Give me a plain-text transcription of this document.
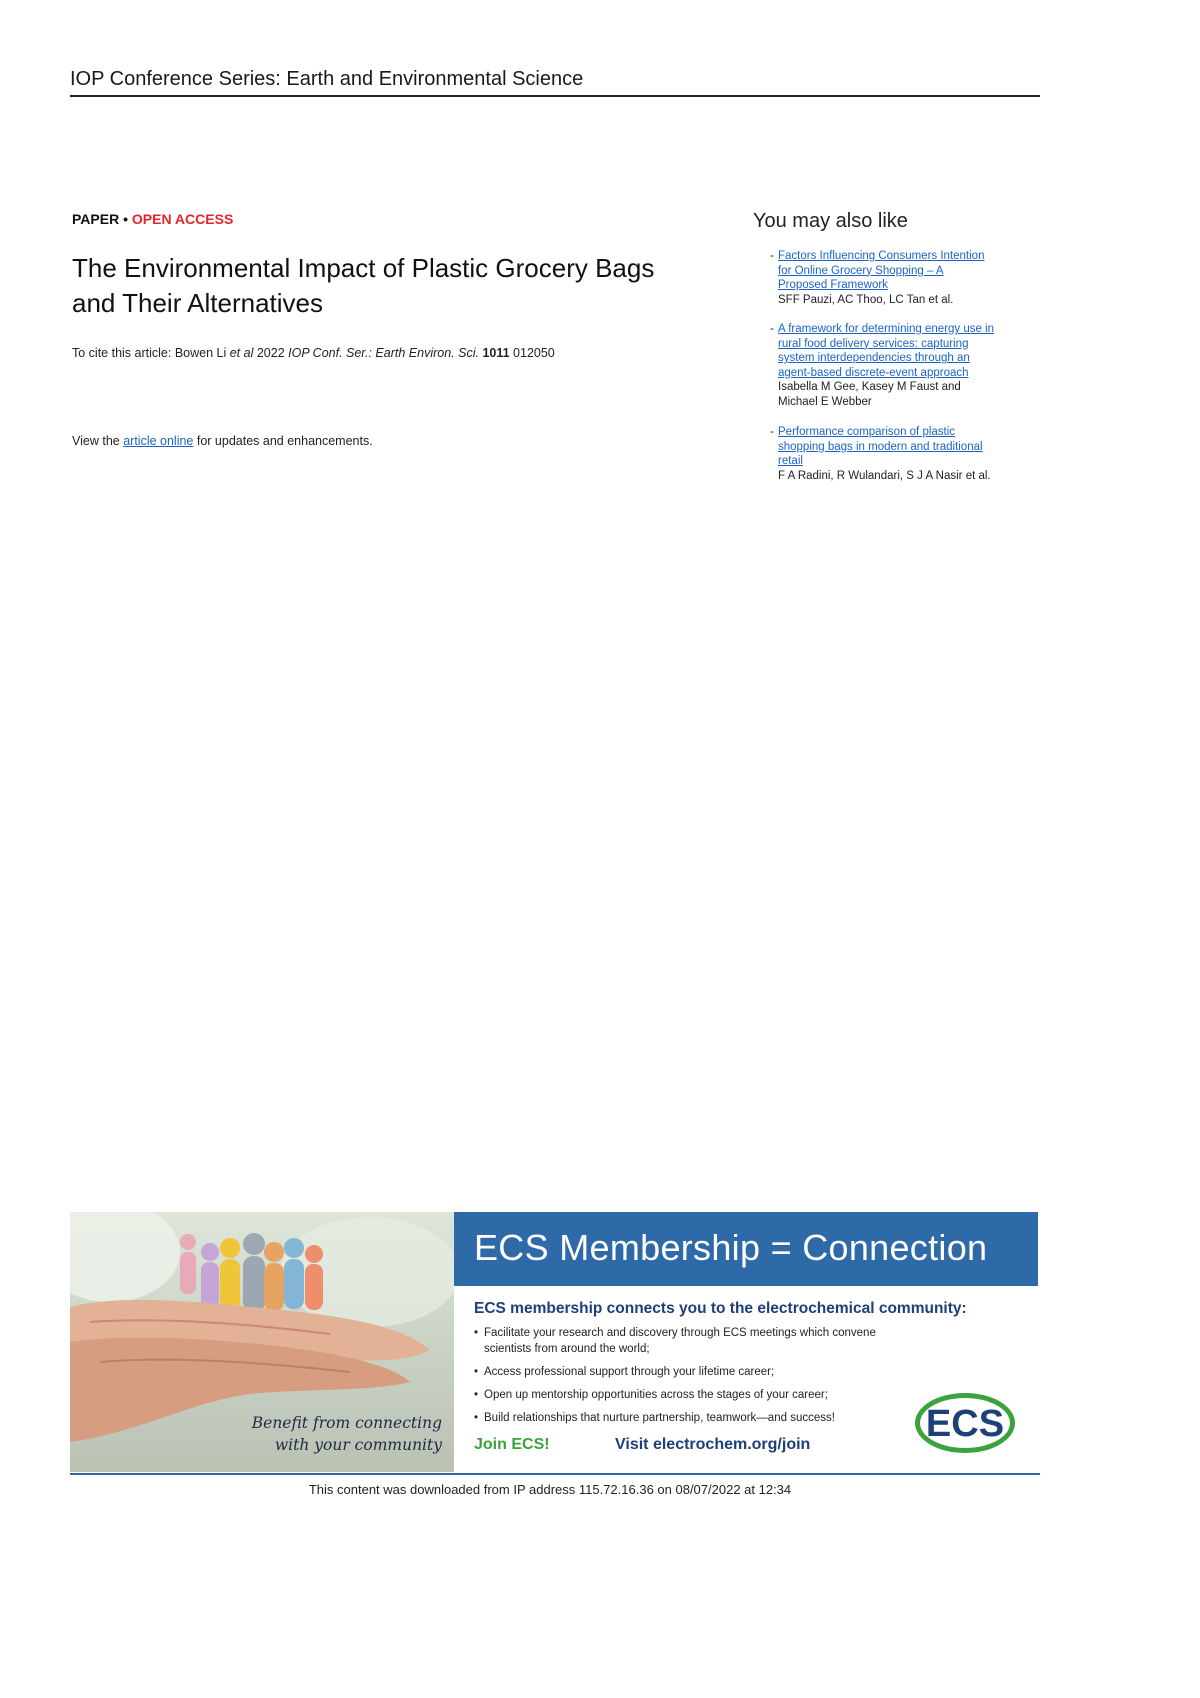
IOP Conference Series: Earth and Environmental Science
PAPER • OPEN ACCESS
The Environmental Impact of Plastic Grocery Bags
and Their Alternatives
To cite this article: Bowen Li et al 2022 IOP Conf. Ser.: Earth Environ. Sci. 1011 012050
View the article online for updates and enhancements.
You may also like
- Factors Influencing Consumers Intention
for Online Grocery Shopping – A
Proposed Framework
SFF Pauzi, AC Thoo, LC Tan et al.
- A framework for determining energy use in
rural food delivery services: capturing
system interdependencies through an
agent-based discrete-event approach
Isabella M Gee, Kasey M Faust and
Michael E Webber
- Performance comparison of plastic
shopping bags in modern and traditional
retail
F A Radini, R Wulandari, S J A Nasir et al.
Benefit from connecting
with your community
ECS Membership = Connection
ECS membership connects you to the electrochemical community:
• Facilitate your research and discovery through ECS meetings which convene
scientists from around the world;
• Access professional support through your lifetime career;
• Open up mentorship opportunities across the stages of your career;
• Build relationships that nurture partnership, teamwork—and success!
Join ECS!	Visit electrochem.org/join	ECS
This content was downloaded from IP address 115.72.16.36 on 08/07/2022 at 12:34
